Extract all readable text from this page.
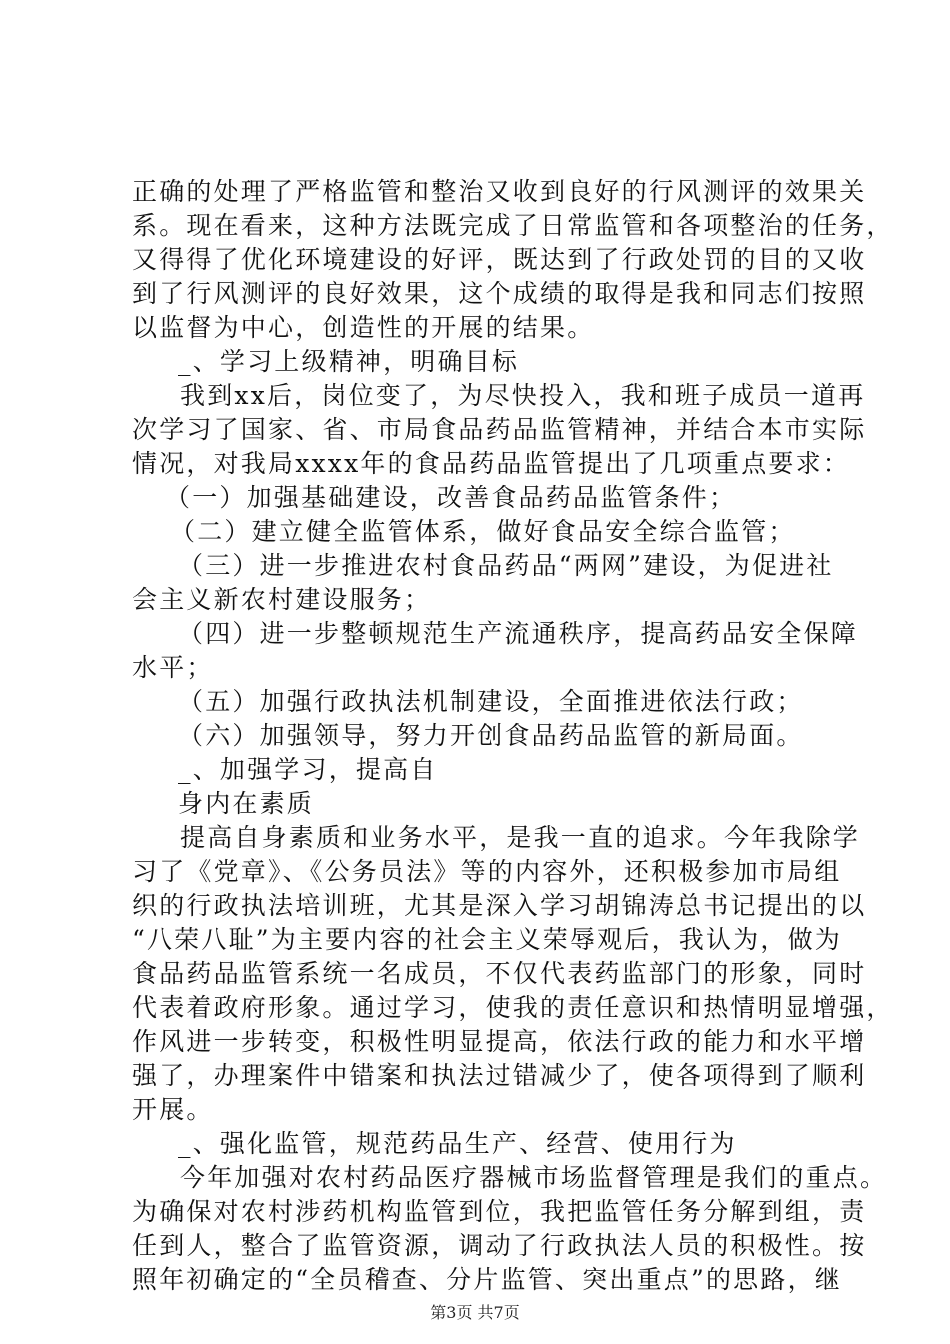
正确的处理了严格监管和整治又收到良好的行风测评的效果关
系。现在看来，这种方法既完成了日常监管和各项整治的任务，
又得得了优化环境建设的好评，既达到了行政处罚的目的又收
到了行风测评的良好效果，这个成绩的取得是我和同志们按照
以监督为中心，创造性的开展的结果。
_、学习上级精神，明确目标
我到xx后，岗位变了，为尽快投入，我和班子成员一道再
次学习了国家、省、市局食品药品监管精神，并结合本市实际
情况，对我局xxxx年的食品药品监管提出了几项重点要求：
（一）加强基础建设，改善食品药品监管条件；
（二）建立健全监管体系，做好食品安全综合监管；
（三）进一步推进农村食品药品“两网”建设，为促进社
会主义新农村建设服务；
（四）进一步整顿规范生产流通秩序，提高药品安全保障
水平；
（五）加强行政执法机制建设，全面推进依法行政；
（六）加强领导，努力开创食品药品监管的新局面。
_、加强学习，提高自
身内在素质
提高自身素质和业务水平，是我一直的追求。今年我除学
习了《党章》、《公务员法》等的内容外，还积极参加市局组
织的行政执法培训班，尤其是深入学习胡锦涛总书记提出的以
“八荣八耻”为主要内容的社会主义荣辱观后，我认为，做为
食品药品监管系统一名成员，不仅代表药监部门的形象，同时
代表着政府形象。通过学习，使我的责任意识和热情明显增强，
作风进一步转变，积极性明显提高，依法行政的能力和水平增
强了，办理案件中错案和执法过错减少了，使各项得到了顺利
开展。
_、强化监管，规范药品生产、经营、使用行为
今年加强对农村药品医疗器械市场监督管理是我们的重点。
为确保对农村涉药机构监管到位，我把监管任务分解到组，责
任到人，整合了监管资源，调动了行政执法人员的积极性。按
照年初确定的“全员稽查、分片监管、突出重点”的思路，继
第3页 共7页
